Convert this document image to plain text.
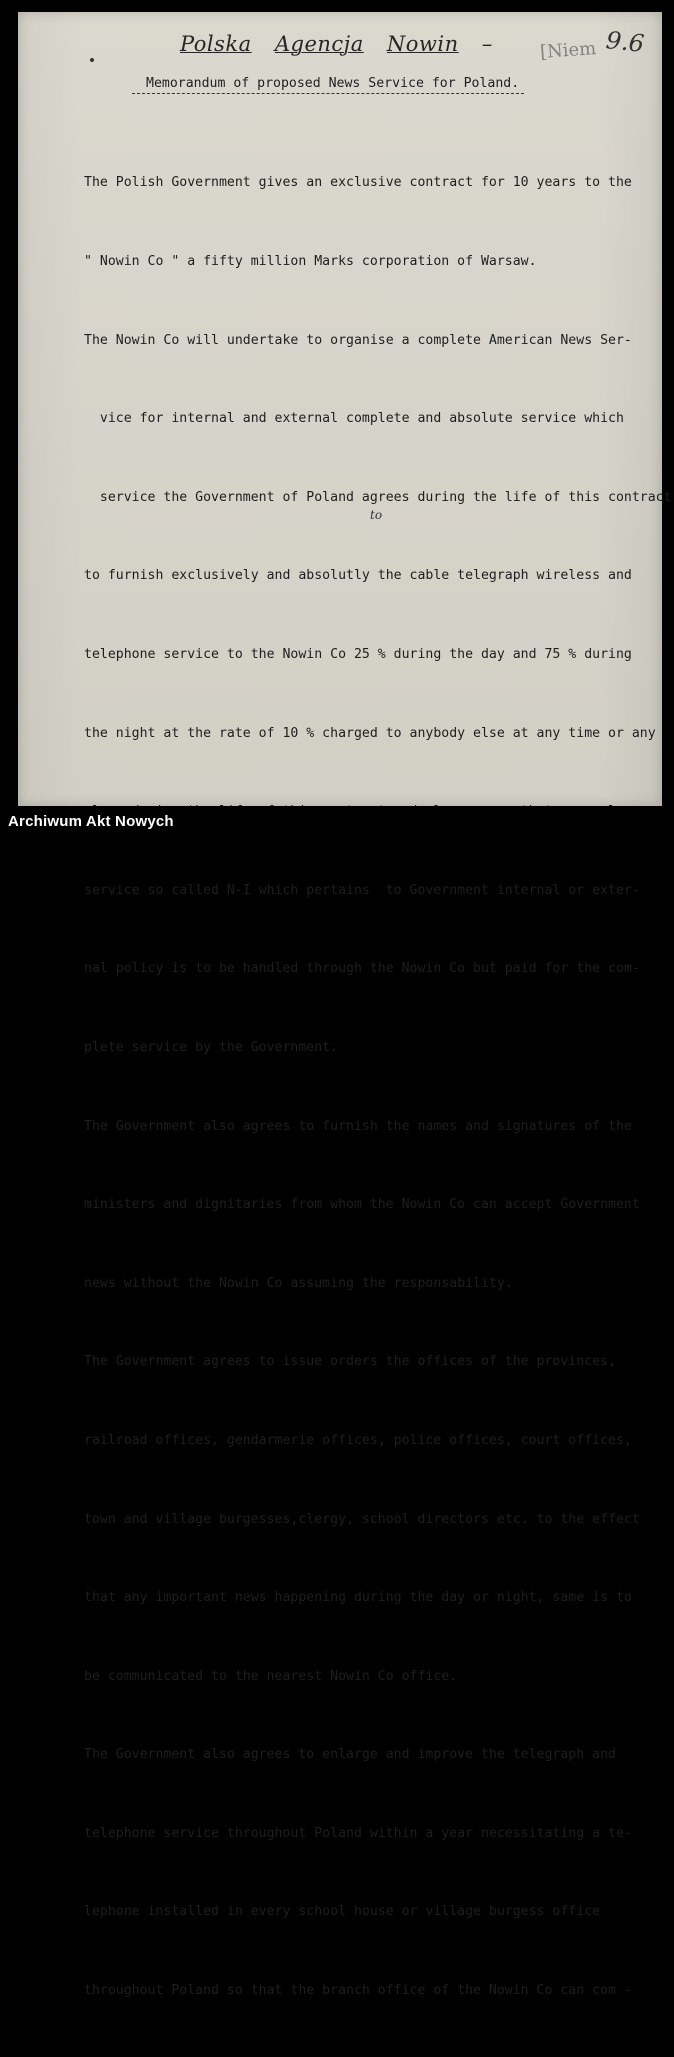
Polska Agencja Nowin –	[Niem 9.6
Memorandum of proposed News Service for Poland.

The Polish Government gives an exclusive contract for 10 years to the

" Nowin Co " a fifty million Marks corporation of Warsaw.

The Nowin Co will undertake to organise a complete American News Ser-

vice for internal and external complete and absolute service which

service the Government of Poland agrees during the life of this contract

to furnish exclusively and absolutly the cable telegraph wireless and

telephone service to the Nowin Co 25 % during the day and 75 % during

the night at the rate of 10 % charged to anybody else at any time or any

service so called N-I which pertains  to Government internal or exter-

nal policy is to be handled through the Nowin Co but paid for the com-

plete service by the Government.

The Government also agrees to furnish the names and signatures of the

ministers and dignitaries from whom the Nowin Co can accept Government

news without the Nowin Co assuming the responsability.

The Government agrees to issue orders the offices of the provinces,

railroad offices, gendarmerie offices, police offices, court offices,

town and village burgesses,clergy, school directors etc. to the effect

that any important news happening during the day or night, same is to

be communicated to the nearest Nowin Co office.

The Government also agrees to enlarge and improve the telegraph and

telephone service throughout Poland within a year necessitating a te-

lephone installed in every school house or village burgess office

throughout Poland so that the branch office of the Nowin Co can com -

to
Archiwum Akt Nowych
